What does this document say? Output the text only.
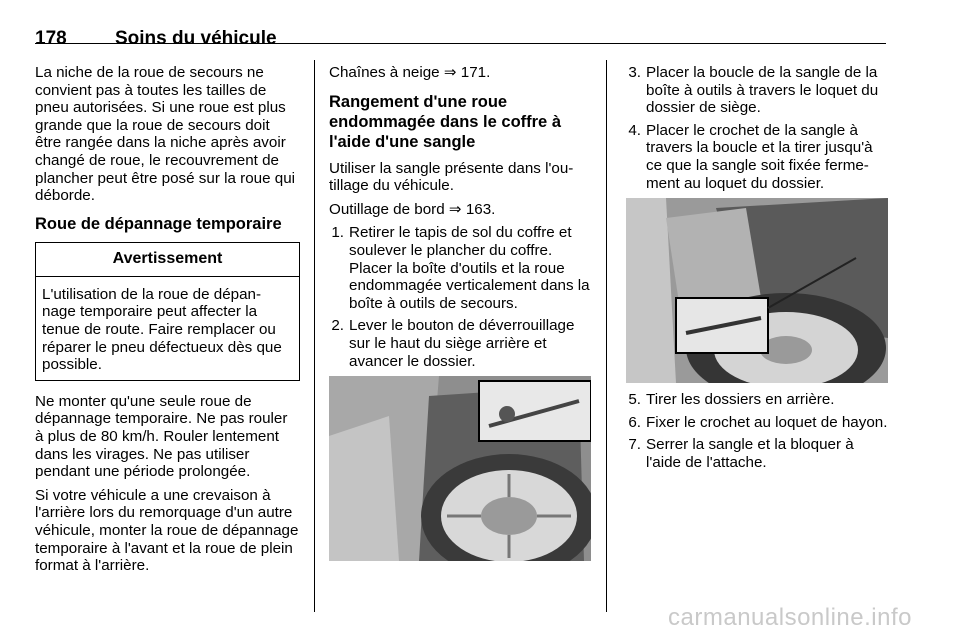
178	Soins du véhicule
La niche de la roue de secours ne convient pas à toutes les tailles de pneu autorisées. Si une roue est plus grande que la roue de secours doit être rangée dans la niche après avoir changé de roue, le recouvrement de plancher peut être posé sur la roue qui déborde.
Roue de dépannage temporaire
Avertissement
L'utilisation de la roue de dépan-nage temporaire peut affecter la tenue de route. Faire remplacer ou réparer le pneu défectueux dès que possible.
Ne monter qu'une seule roue de dépannage temporaire. Ne pas rouler à plus de 80 km/h. Rouler lentement dans les virages. Ne pas utiliser pendant une période prolongée.
Si votre véhicule a une crevaison à l'arrière lors du remorquage d'un autre véhicule, monter la roue de dépannage temporaire à l'avant et la roue de plein format à l'arrière.
Chaînes à neige ⇒ 171.
Rangement d'une roue endommagée dans le coffre à l'aide d'une sangle
Utiliser la sangle présente dans l'ou-tillage du véhicule.
Outillage de bord ⇒ 163.
1. Retirer le tapis de sol du coffre et soulever le plancher du coffre. Placer la boîte d'outils et la roue endommagée verticalement dans la boîte à outils de secours.
2. Lever le bouton de déverrouillage sur le haut du siège arrière et avancer le dossier.
3. Placer la boucle de la sangle de la boîte à outils à travers le loquet du dossier de siège.
4. Placer le crochet de la sangle à travers la boucle et la tirer jusqu'à ce que la sangle soit fixée ferme-ment au loquet du dossier.
5. Tirer les dossiers en arrière.
6. Fixer le crochet au loquet de hayon.
7. Serrer la sangle et la bloquer à l'aide de l'attache.
carmanualsonline.info
